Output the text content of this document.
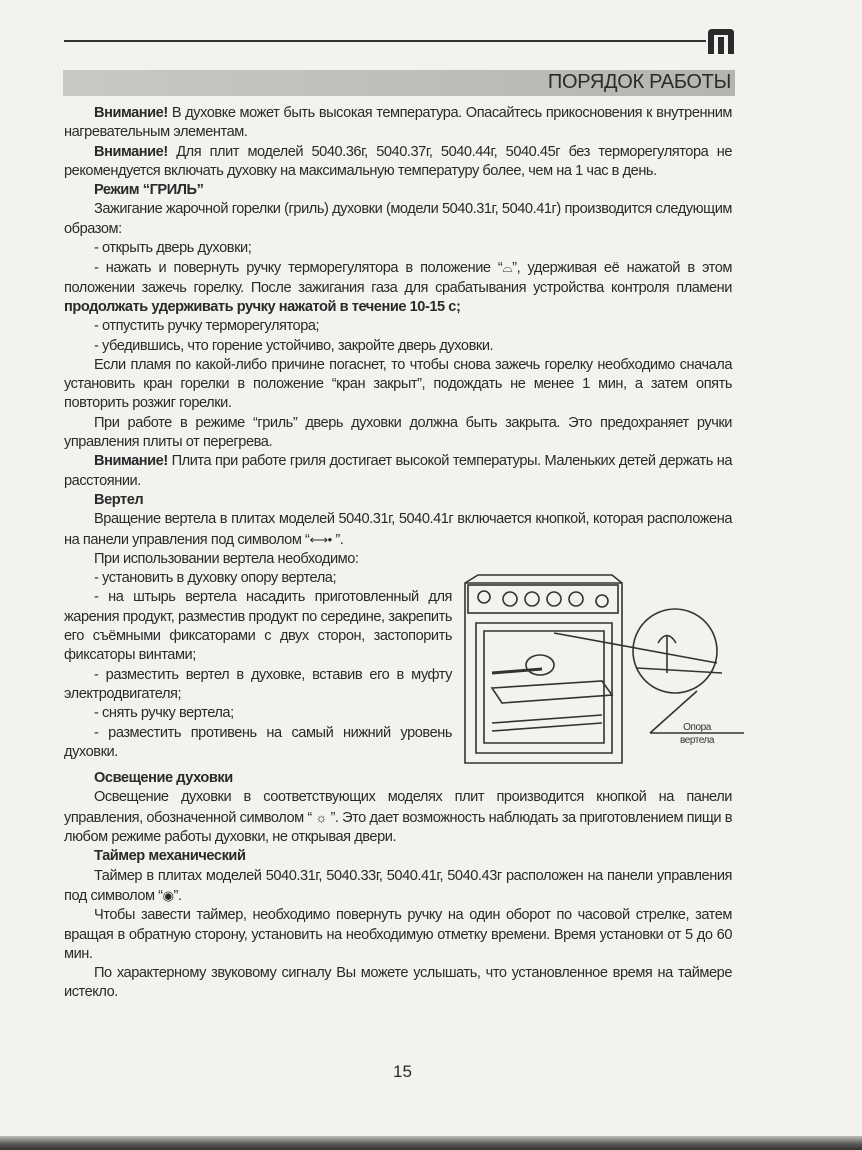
ПОРЯДОК РАБОТЫ

Внимание! В духовке может быть высокая температура. Опасайтесь прикосновения к внутренним нагревательным элементам.

Внимание! Для плит моделей 5040.36г, 5040.37г, 5040.44г, 5040.45г без терморегулятора не рекомендуется включать духовку на максимальную температуру более, чем на 1 час в день.

Режим “ГРИЛЬ”

Зажигание жарочной горелки (гриль) духовки (модели 5040.31г, 5040.41г) производится следующим образом:

- открыть дверь духовки;

- нажать и повернуть ручку терморегулятора в положение “⌓”, удерживая её нажатой в этом положении зажечь горелку. После зажигания газа для срабатывания устройства контроля пламени продолжать удерживать ручку нажатой в течение 10-15 с;

- отпустить ручку терморегулятора;

- убедившись, что горение устойчиво, закройте дверь духовки.

Если пламя по какой-либо причине погаснет, то чтобы снова зажечь горелку необходимо сначала установить кран горелки в положение “кран закрыт”, подождать не менее 1 мин, а затем опять повторить розжиг горелки.

При работе в режиме “гриль” дверь духовки должна быть закрыта. Это предохраняет ручки управления плиты от перегрева.

Внимание! Плита при работе гриля достигает высокой температуры. Маленьких детей держать на расстоянии.

Вертел

Вращение вертела в плитах моделей 5040.31г, 5040.41г включается кнопкой, которая расположена на панели управления под символом “⟷• ”.

При использовании вертела необходимо:

Опора
вертела

- установить в духовку опору вертела;

- на штырь вертела насадить приготовленный для жарения продукт, разместив продукт по середине, закрепить его съёмными фиксаторами с двух сторон, застопорить фиксаторы винтами;

- разместить вертел в духовке, вставив его в муфту электродвигателя;

- снять ручку вертела;

- разместить противень на самый нижний уровень духовки.

Освещение духовки

Освещение духовки в соответствующих моделях плит производится кнопкой на панели управления, обозначенной символом “ ☼ ”. Это дает возможность наблюдать за приготовлением пищи в любом режиме работы духовки, не открывая двери.

Таймер механический

Таймер в плитах моделей 5040.31г, 5040.33г, 5040.41г, 5040.43г расположен на панели управления под символом “◉”.

Чтобы завести таймер, необходимо повернуть ручку на один оборот по часовой стрелке, затем вращая в обратную сторону, установить на необходимую отметку времени. Время установки от 5 до 60 мин.

По характерному звуковому сигналу Вы можете услышать, что установленное время на таймере истекло.

15
